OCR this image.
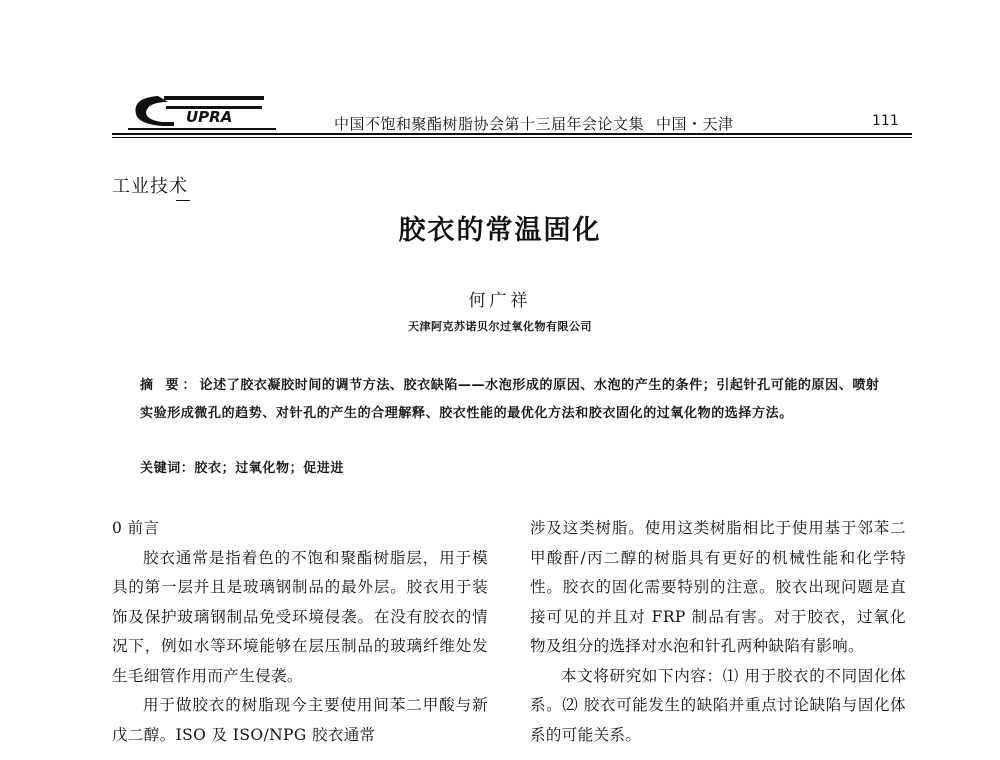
UPRA	中国不饱和聚酯树脂协会第十三届年会论文集 中国・天津	111
工业技术
胶衣的常温固化
何广祥
天津阿克苏诺贝尔过氧化物有限公司
摘 要：论述了胶衣凝胶时间的调节方法、胶衣缺陷——水泡形成的原因、水泡的产生的条件；引起针孔可能的原因、喷射实验形成微孔的趋势、对针孔的产生的合理解释、胶衣性能的最优化方法和胶衣固化的过氧化物的选择方法。
关键词：胶衣；过氧化物；促进进

0 前言

胶衣通常是指着色的不饱和聚酯树脂层，用于模具的第一层并且是玻璃钢制品的最外层。胶衣用于装饰及保护玻璃钢制品免受环境侵袭。在没有胶衣的情况下，例如水等环境能够在层压制品的玻璃纤维处发生毛细管作用而产生侵袭。

用于做胶衣的树脂现今主要使用间苯二甲酸与新戊二醇。ISO 及 ISO/NPG 胶衣通常

涉及这类树脂。使用这类树脂相比于使用基于邻苯二甲酸酐/丙二醇的树脂具有更好的机械性能和化学特性。胶衣的固化需要特别的注意。胶衣出现问题是直接可见的并且对 FRP 制品有害。对于胶衣，过氧化物及组分的选择对水泡和针孔两种缺陷有影响。

本文将研究如下内容：⑴ 用于胶衣的不同固化体系。⑵ 胶衣可能发生的缺陷并重点讨论缺陷与固化体系的可能关系。
